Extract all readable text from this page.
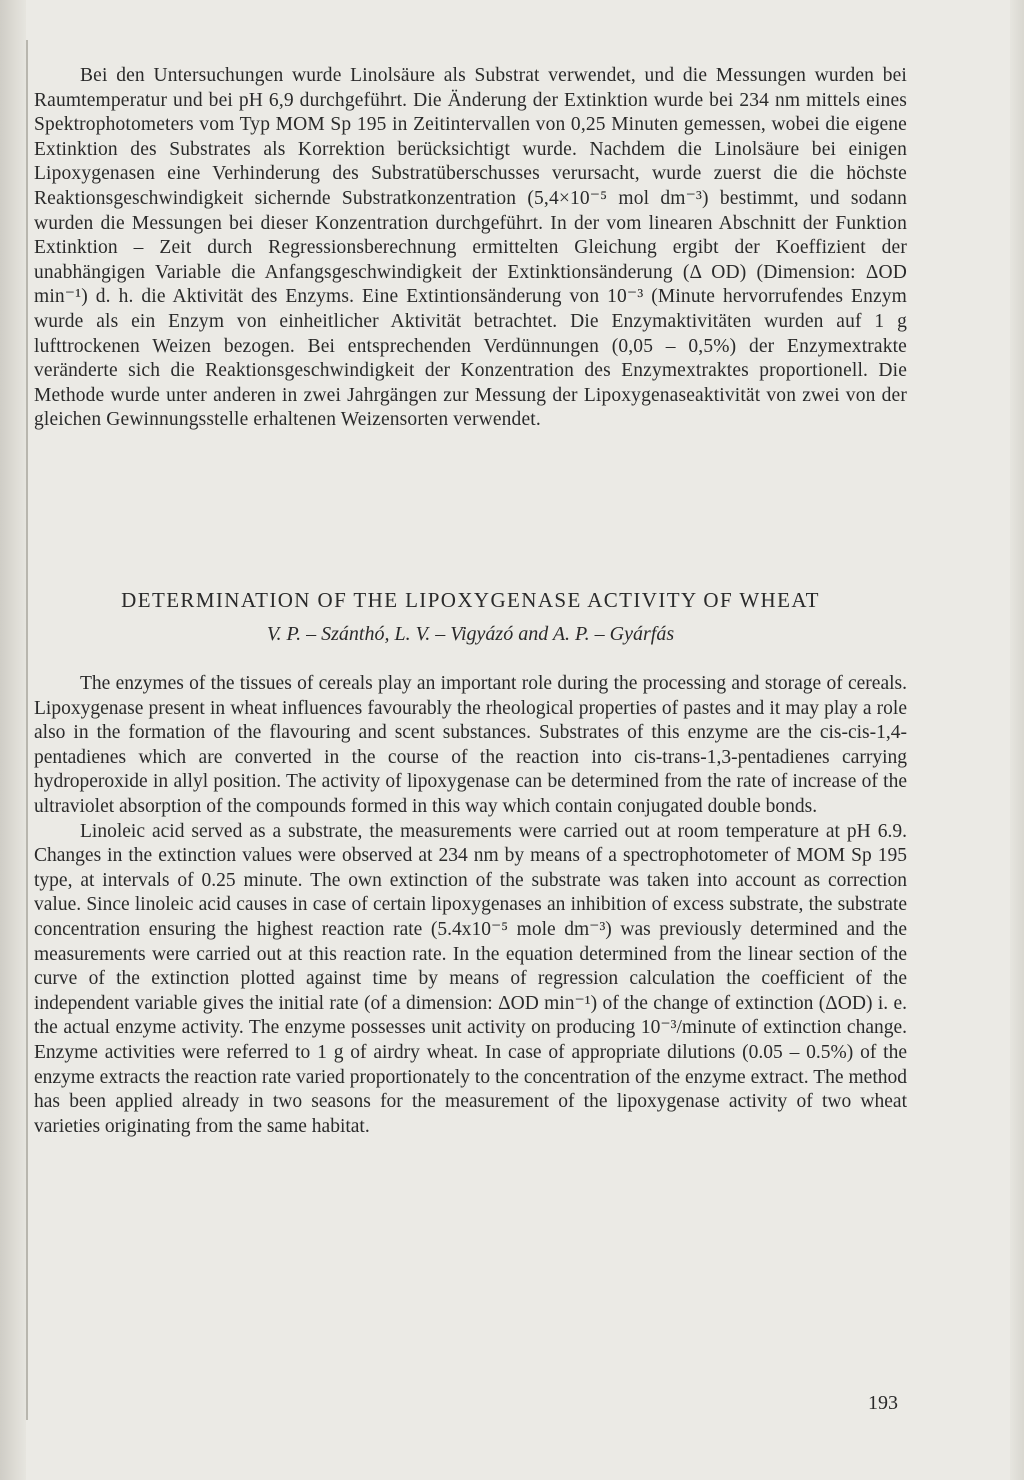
Bei den Untersuchungen wurde Linolsäure als Substrat verwendet, und die Messungen wurden bei Raumtemperatur und bei pH 6,9 durchgeführt. Die Änderung der Extinktion wurde bei 234 nm mittels eines Spektrophotometers vom Typ MOM Sp 195 in Zeitintervallen von 0,25 Minuten gemessen, wobei die eigene Extinktion des Substrates als Korrektion berücksichtigt wurde. Nachdem die Linolsäure bei einigen Lipoxygenasen eine Verhinderung des Substratüberschusses verursacht, wurde zuerst die die höchste Reaktionsgeschwindigkeit sichernde Substratkonzentration (5,4×10⁻⁵ mol dm⁻³) bestimmt, und sodann wurden die Messungen bei dieser Konzentration durchgeführt. In der vom linearen Abschnitt der Funktion Extinktion – Zeit durch Regressionsberechnung ermittelten Gleichung ergibt der Koeffizient der unabhängigen Variable die Anfangsgeschwindigkeit der Extinktionsänderung (Δ OD) (Dimension: ΔOD min⁻¹) d. h. die Aktivität des Enzyms. Eine Extintionsänderung von 10⁻³ (Minute hervorrufendes Enzym wurde als ein Enzym von einheitlicher Aktivität betrachtet. Die Enzymaktivitäten wurden auf 1 g lufttrockenen Weizen bezogen. Bei entsprechenden Verdünnungen (0,05 – 0,5%) der Enzymextrakte veränderte sich die Reaktionsgeschwindigkeit der Konzentration des Enzymextraktes proportionell. Die Methode wurde unter anderen in zwei Jahrgängen zur Messung der Lipoxygenaseaktivität von zwei von der gleichen Gewinnungsstelle erhaltenen Weizensorten verwendet.

DETERMINATION OF THE LIPOXYGENASE ACTIVITY OF WHEAT
V. P. – Szánthó, L. V. – Vigyázó and A. P. – Gyárfás

The enzymes of the tissues of cereals play an important role during the processing and storage of cereals. Lipoxygenase present in wheat influences favourably the rheological properties of pastes and it may play a role also in the formation of the flavouring and scent substances. Substrates of this enzyme are the cis-cis-1,4-pentadienes which are converted in the course of the reaction into cis-trans-1,3-pentadienes carrying hydroperoxide in allyl position. The activity of lipoxygenase can be determined from the rate of increase of the ultraviolet absorption of the compounds formed in this way which contain conjugated double bonds.

Linoleic acid served as a substrate, the measurements were carried out at room temperature at pH 6.9. Changes in the extinction values were observed at 234 nm by means of a spectrophotometer of MOM Sp 195 type, at intervals of 0.25 minute. The own extinction of the substrate was taken into account as correction value. Since linoleic acid causes in case of certain lipoxygenases an inhibition of excess substrate, the substrate concentration ensuring the highest reaction rate (5.4x10⁻⁵ mole dm⁻³) was previously determined and the measurements were carried out at this reaction rate. In the equation determined from the linear section of the curve of the extinction plotted against time by means of regression calculation the coefficient of the independent variable gives the initial rate (of a dimension: ΔOD min⁻¹) of the change of extinction (ΔOD) i. e. the actual enzyme activity. The enzyme possesses unit activity on producing 10⁻³/minute of extinction change. Enzyme activities were referred to 1 g of airdry wheat. In case of appropriate dilutions (0.05 – 0.5%) of the enzyme extracts the reaction rate varied proportionately to the concentration of the enzyme extract. The method has been applied already in two seasons for the measurement of the lipoxygenase activity of two wheat varieties originating from the same habitat.

193
